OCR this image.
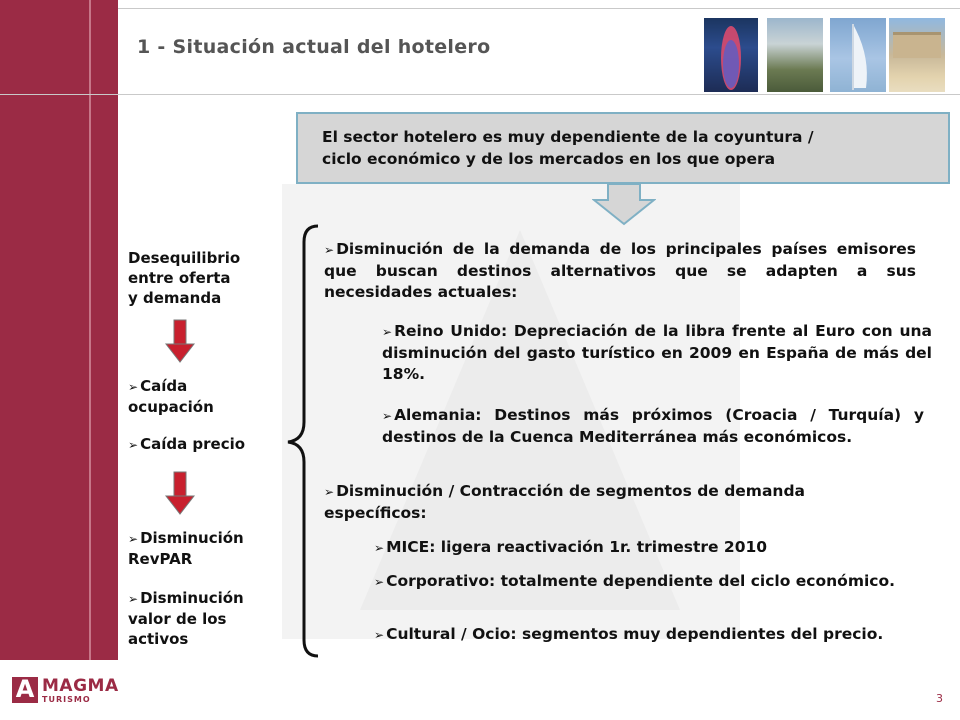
1 - Situación actual del hotelero
El sector hotelero es muy dependiente de la coyuntura /
ciclo económico y de los mercados en los que opera
Desequilibrio
entre oferta
y demanda
➢ Caída
ocupación
➢ Caída precio
➢ Disminución
RevPAR
➢ Disminución
valor de los
activos
➢ Disminución de la demanda de los principales países emisores que buscan destinos alternativos que se adapten a sus necesidades actuales:
➢ Reino Unido: Depreciación de la libra frente al Euro con una disminución del gasto turístico en 2009 en España de más del 18%.
➢ Alemania: Destinos más próximos (Croacia / Turquía) y destinos de la Cuenca Mediterránea más económicos.
➢ Disminución / Contracción de segmentos de demanda específicos:
➢ MICE: ligera reactivación 1r. trimestre 2010
➢ Corporativo: totalmente dependiente del ciclo económico.
➢ Cultural / Ocio: segmentos muy dependientes del precio.
A MAGMA
TURISMO	3
